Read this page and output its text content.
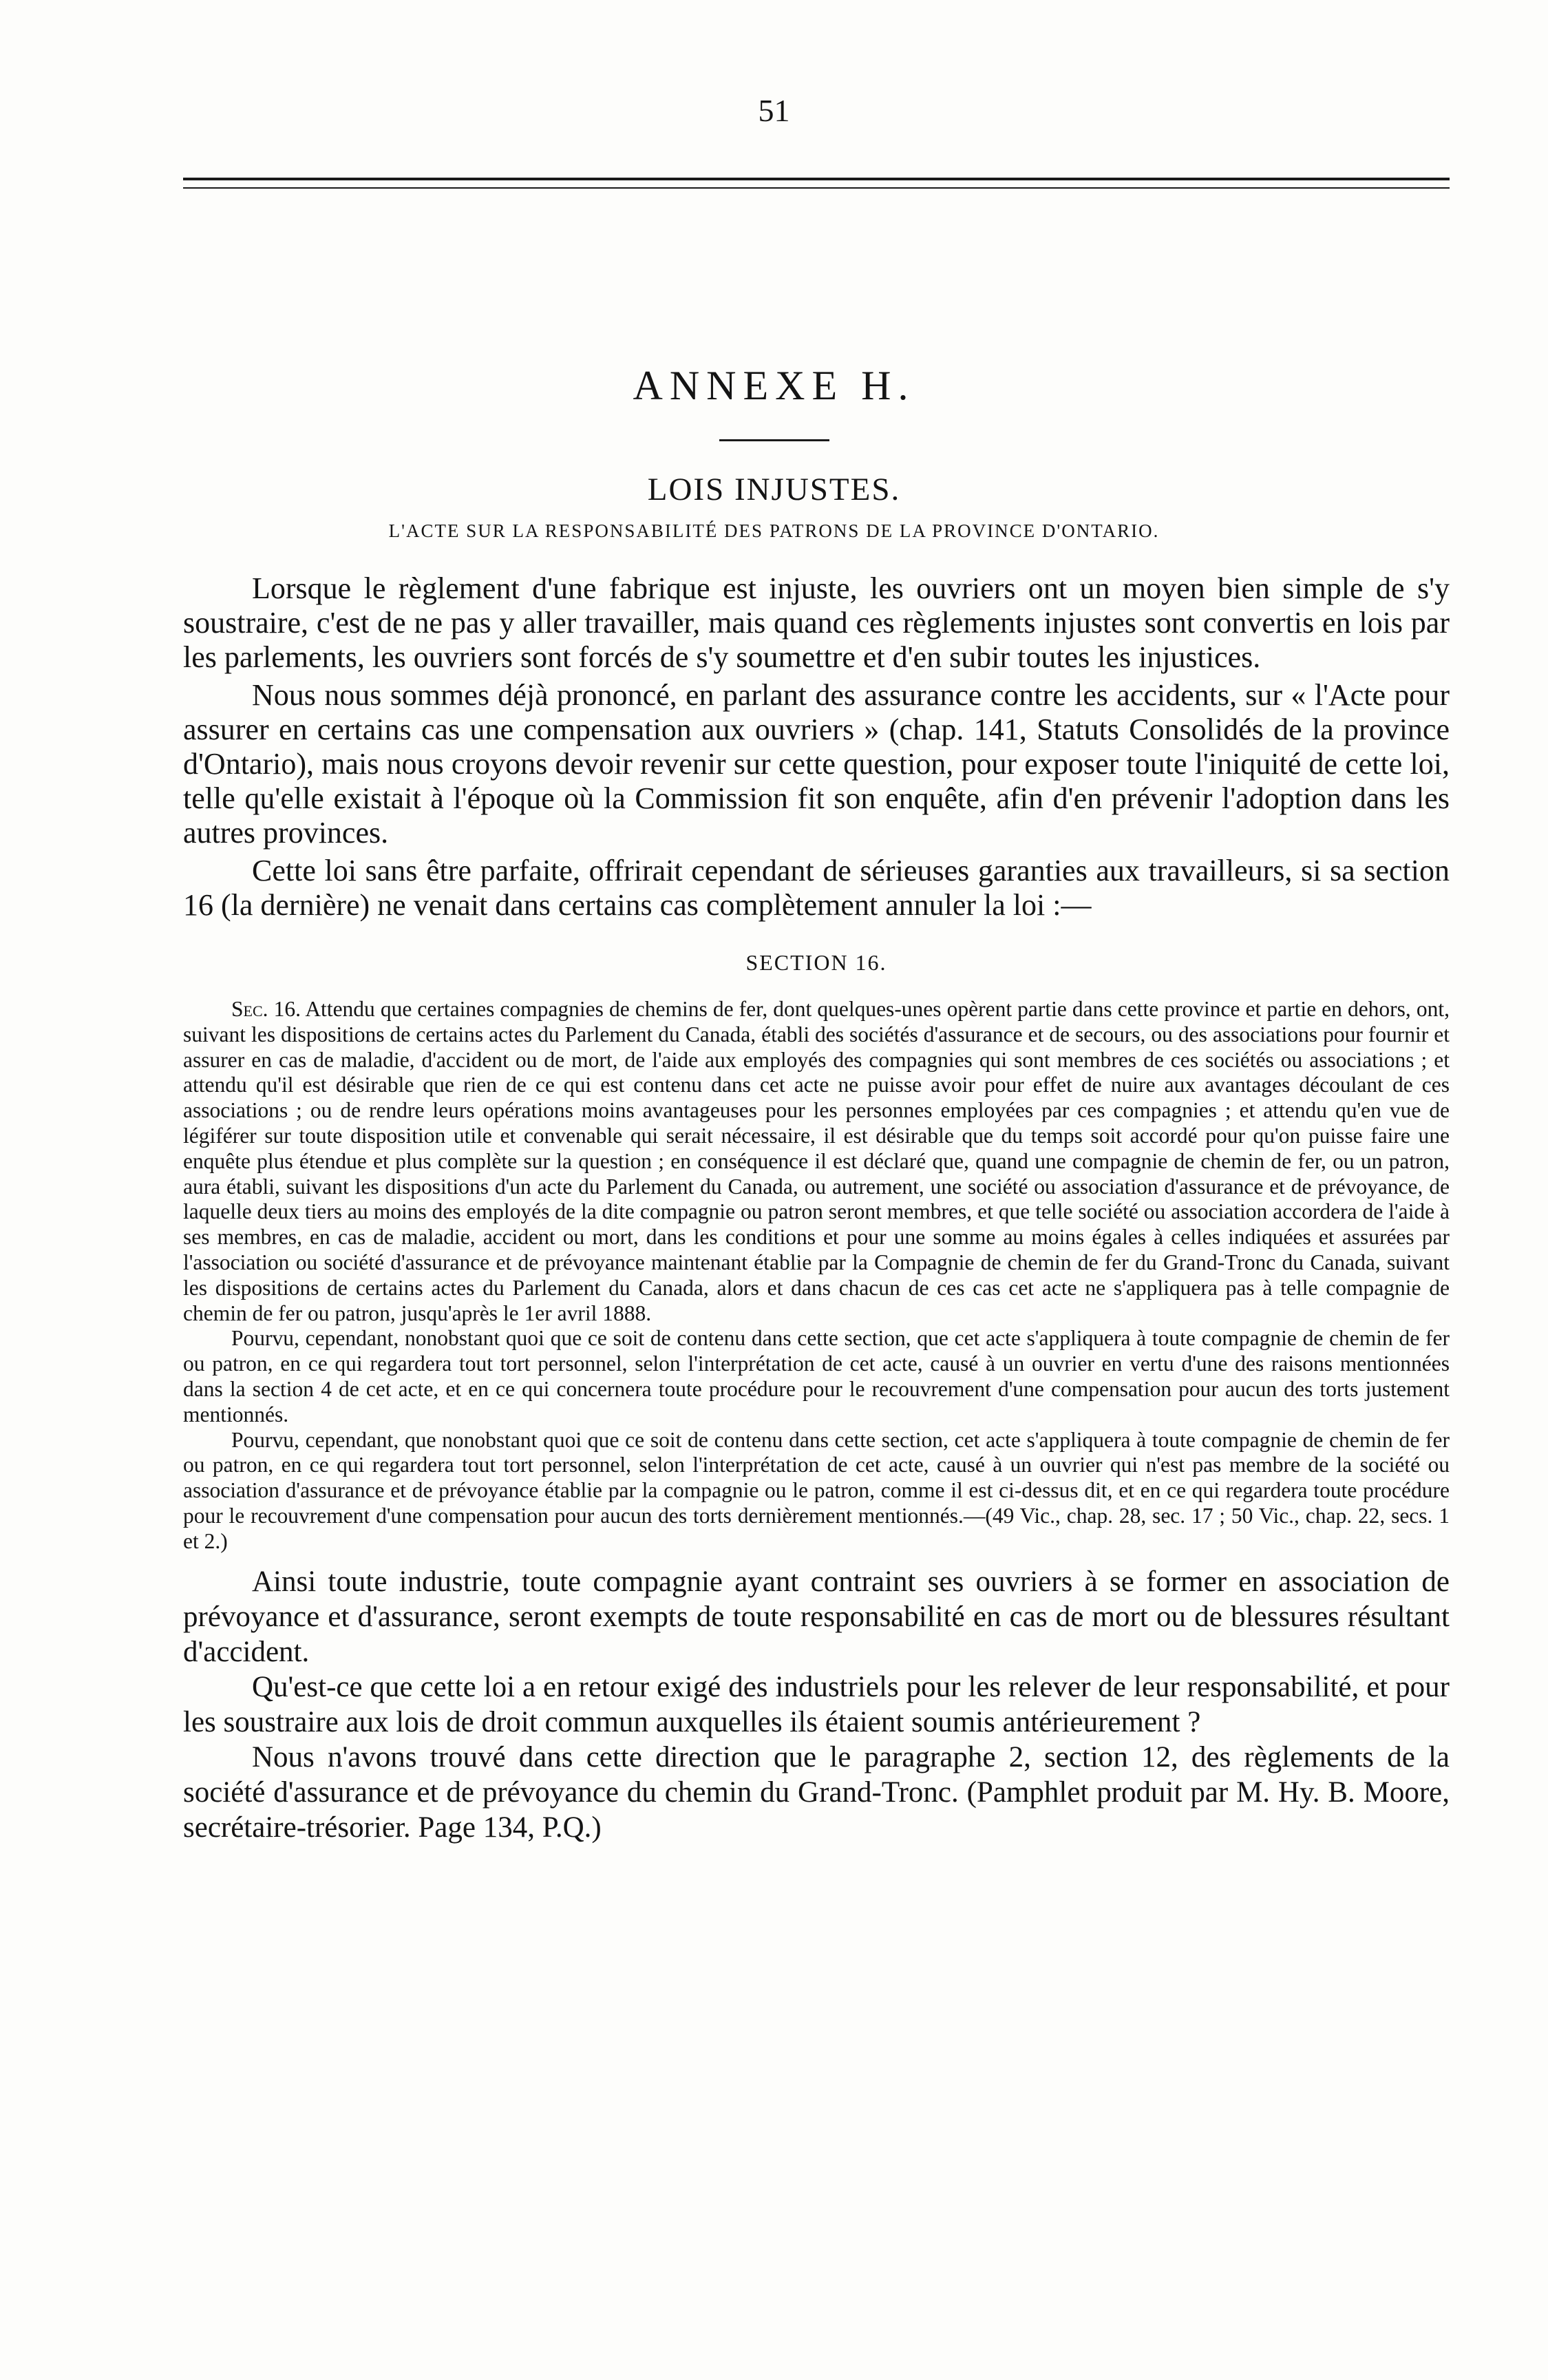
51
ANNEXE H.
LOIS INJUSTES.
L'ACTE SUR LA RESPONSABILITÉ DES PATRONS DE LA PROVINCE D'ONTARIO.

Lorsque le règlement d'une fabrique est injuste, les ouvriers ont un moyen bien simple de s'y soustraire, c'est de ne pas y aller travailler, mais quand ces règlements injustes sont convertis en lois par les parlements, les ouvriers sont forcés de s'y soumettre et d'en subir toutes les injustices.

Nous nous sommes déjà prononcé, en parlant des assurance contre les accidents, sur « l'Acte pour assurer en certains cas une compensation aux ouvriers » (chap. 141, Statuts Consolidés de la province d'Ontario), mais nous croyons devoir revenir sur cette question, pour exposer toute l'iniquité de cette loi, telle qu'elle existait à l'époque où la Commission fit son enquête, afin d'en prévenir l'adoption dans les autres provinces.

Cette loi sans être parfaite, offrirait cependant de sérieuses garanties aux travailleurs, si sa section 16 (la dernière) ne venait dans certains cas complètement annuler la loi :—

SECTION 16.

Sec. 16. Attendu que certaines compagnies de chemins de fer, dont quelques-unes opèrent partie dans cette province et partie en dehors, ont, suivant les dispositions de certains actes du Parlement du Canada, établi des sociétés d'assurance et de secours, ou des associations pour fournir et assurer en cas de maladie, d'accident ou de mort, de l'aide aux employés des compagnies qui sont membres de ces sociétés ou associations ; et attendu qu'il est désirable que rien de ce qui est contenu dans cet acte ne puisse avoir pour effet de nuire aux avantages découlant de ces associations ; ou de rendre leurs opérations moins avantageuses pour les personnes employées par ces compagnies ; et attendu qu'en vue de légiférer sur toute disposition utile et convenable qui serait nécessaire, il est désirable que du temps soit accordé pour qu'on puisse faire une enquête plus étendue et plus complète sur la question ; en conséquence il est déclaré que, quand une compagnie de chemin de fer, ou un patron, aura établi, suivant les dispositions d'un acte du Parlement du Canada, ou autrement, une société ou association d'assurance et de prévoyance, de laquelle deux tiers au moins des employés de la dite compagnie ou patron seront membres, et que telle société ou association accordera de l'aide à ses membres, en cas de maladie, accident ou mort, dans les conditions et pour une somme au moins égales à celles indiquées et assurées par l'association ou société d'assurance et de prévoyance maintenant établie par la Compagnie de chemin de fer du Grand-Tronc du Canada, suivant les dispositions de certains actes du Parlement du Canada, alors et dans chacun de ces cas cet acte ne s'appliquera pas à telle compagnie de chemin de fer ou patron, jusqu'après le 1er avril 1888.

Pourvu, cependant, nonobstant quoi que ce soit de contenu dans cette section, que cet acte s'appliquera à toute compagnie de chemin de fer ou patron, en ce qui regardera tout tort personnel, selon l'interprétation de cet acte, causé à un ouvrier en vertu d'une des raisons mentionnées dans la section 4 de cet acte, et en ce qui concernera toute procédure pour le recouvrement d'une compensation pour aucun des torts justement mentionnés.

Pourvu, cependant, que nonobstant quoi que ce soit de contenu dans cette section, cet acte s'appliquera à toute compagnie de chemin de fer ou patron, en ce qui regardera tout tort personnel, selon l'interprétation de cet acte, causé à un ouvrier qui n'est pas membre de la société ou association d'assurance et de prévoyance établie par la compagnie ou le patron, comme il est ci-dessus dit, et en ce qui regardera toute procédure pour le recouvrement d'une compensation pour aucun des torts dernièrement mentionnés.—(49 Vic., chap. 28, sec. 17 ; 50 Vic., chap. 22, secs. 1 et 2.)

Ainsi toute industrie, toute compagnie ayant contraint ses ouvriers à se former en association de prévoyance et d'assurance, seront exempts de toute responsabilité en cas de mort ou de blessures résultant d'accident.

Qu'est-ce que cette loi a en retour exigé des industriels pour les relever de leur responsabilité, et pour les soustraire aux lois de droit commun auxquelles ils étaient soumis antérieurement ?

Nous n'avons trouvé dans cette direction que le paragraphe 2, section 12, des règlements de la société d'assurance et de prévoyance du chemin du Grand-Tronc. (Pamphlet produit par M. Hy. B. Moore, secrétaire-trésorier. Page 134, P.Q.)
